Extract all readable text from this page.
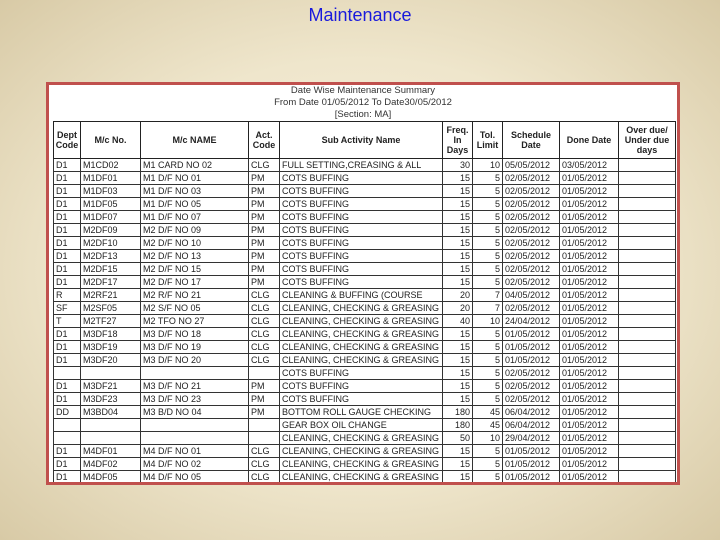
Maintenance
Date Wise Maintenance Summary
From Date 01/05/2012 To Date30/05/2012
[Section: MA]
Dept Code	M/c No.	M/c NAME	Act. Code	Sub Activity Name	Freq. In Days	Tol. Limit	Schedule Date	Done Date	Over due/ Under due days
D1	M1CD02	M1 CARD NO 02	CLG	FULL SETTING,CREASING & ALL	30	10	05/05/2012	03/05/2012	
D1	M1DF01	M1 D/F NO 01	PM	COTS BUFFING	15	5	02/05/2012	01/05/2012	
D1	M1DF03	M1 D/F NO 03	PM	COTS BUFFING	15	5	02/05/2012	01/05/2012	
D1	M1DF05	M1 D/F NO 05	PM	COTS BUFFING	15	5	02/05/2012	01/05/2012	
D1	M1DF07	M1 D/F NO 07	PM	COTS BUFFING	15	5	02/05/2012	01/05/2012	
D1	M2DF09	M2 D/F NO 09	PM	COTS BUFFING	15	5	02/05/2012	01/05/2012	
D1	M2DF10	M2 D/F NO 10	PM	COTS BUFFING	15	5	02/05/2012	01/05/2012	
D1	M2DF13	M2 D/F NO 13	PM	COTS BUFFING	15	5	02/05/2012	01/05/2012	
D1	M2DF15	M2 D/F NO 15	PM	COTS BUFFING	15	5	02/05/2012	01/05/2012	
D1	M2DF17	M2 D/F NO 17	PM	COTS BUFFING	15	5	02/05/2012	01/05/2012	
R	M2RF21	M2 R/F NO 21	CLG	CLEANING & BUFFING (COURSE	20	7	04/05/2012	01/05/2012	
SF	M2SF05	M2 S/F NO 05	CLG	CLEANING, CHECKING & GREASING	20	7	02/05/2012	01/05/2012	
T	M2TF27	M2 TFO NO 27	CLG	CLEANING, CHECKING & GREASING	40	10	24/04/2012	01/05/2012	
D1	M3DF18	M3 D/F NO 18	CLG	CLEANING, CHECKING & GREASING	15	5	01/05/2012	01/05/2012	
D1	M3DF19	M3 D/F NO 19	CLG	CLEANING, CHECKING & GREASING	15	5	01/05/2012	01/05/2012	
D1	M3DF20	M3 D/F NO 20	CLG	CLEANING, CHECKING & GREASING	15	5	01/05/2012	01/05/2012	
				COTS BUFFING	15	5	02/05/2012	01/05/2012	
D1	M3DF21	M3 D/F NO 21	PM	COTS BUFFING	15	5	02/05/2012	01/05/2012	
D1	M3DF23	M3 D/F NO 23	PM	COTS BUFFING	15	5	02/05/2012	01/05/2012	
DD	M3BD04	M3 B/D NO 04	PM	BOTTOM ROLL GAUGE CHECKING	180	45	06/04/2012	01/05/2012	
				GEAR BOX OIL CHANGE	180	45	06/04/2012	01/05/2012	
				CLEANING, CHECKING & GREASING	50	10	29/04/2012	01/05/2012	
D1	M4DF01	M4 D/F NO 01	CLG	CLEANING, CHECKING & GREASING	15	5	01/05/2012	01/05/2012	
D1	M4DF02	M4 D/F NO 02	CLG	CLEANING, CHECKING & GREASING	15	5	01/05/2012	01/05/2012	
D1	M4DF05	M4 D/F NO 05	CLG	CLEANING, CHECKING & GREASING	15	5	01/05/2012	01/05/2012	
